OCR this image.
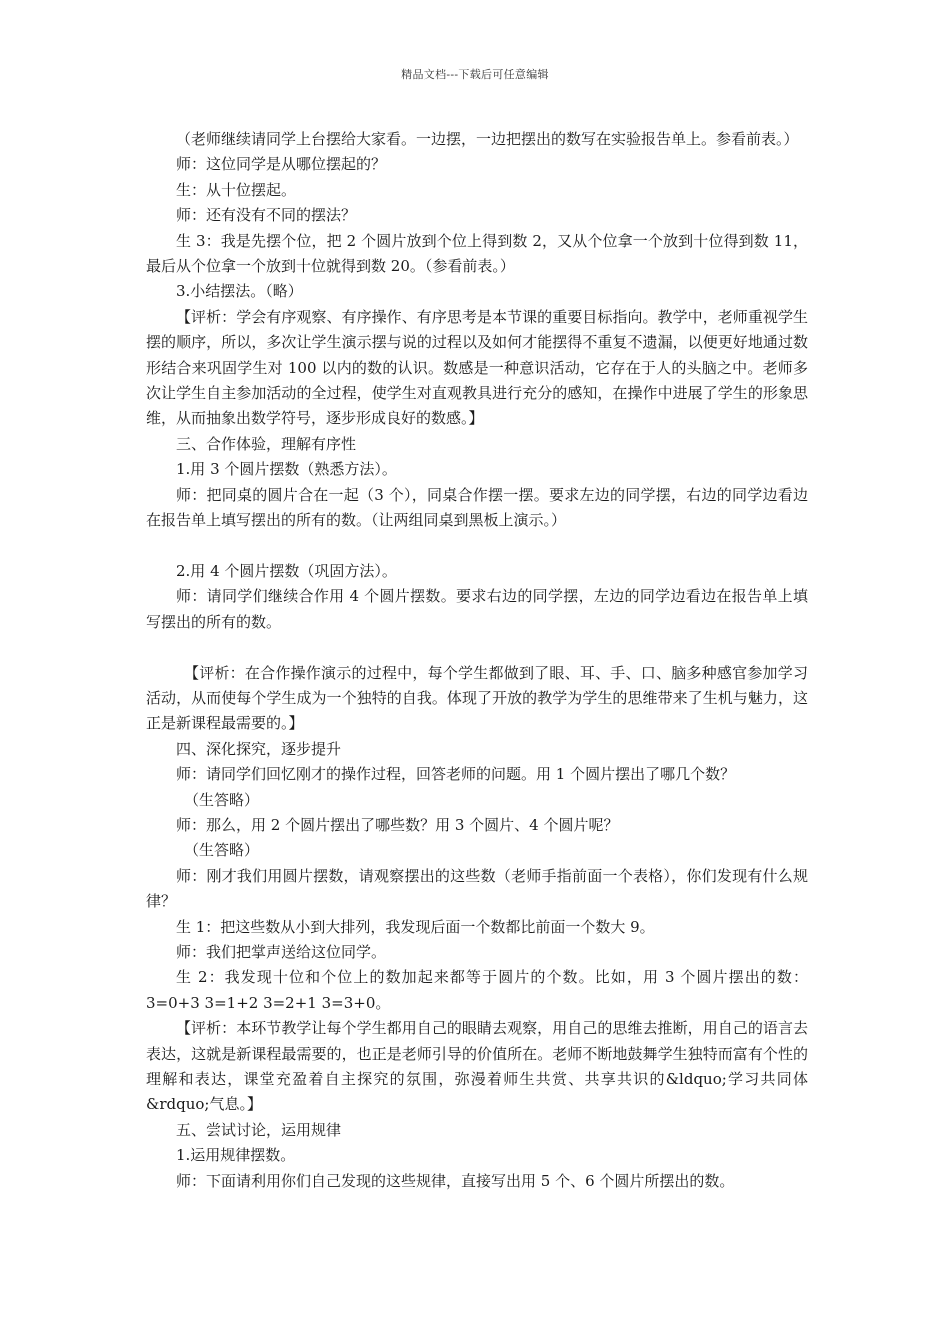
精品文档---下载后可任意编辑

（老师继续请同学上台摆给大家看。一边摆，一边把摆出的数写在实验报告单上。参看前表。）

师：这位同学是从哪位摆起的？

生：从十位摆起。

师：还有没有不同的摆法？

生 3：我是先摆个位，把 2 个圆片放到个位上得到数 2，又从个位拿一个放到十位得到数 11，最后从个位拿一个放到十位就得到数 20。（参看前表。）

3.小结摆法。（略）

【评析：学会有序观察、有序操作、有序思考是本节课的重要目标指向。教学中，老师重视学生摆的顺序，所以，多次让学生演示摆与说的过程以及如何才能摆得不重复不遗漏，以便更好地通过数形结合来巩固学生对 100 以内的数的认识。数感是一种意识活动，它存在于人的头脑之中。老师多次让学生自主参加活动的全过程，使学生对直观教具进行充分的感知，在操作中进展了学生的形象思维，从而抽象出数学符号，逐步形成良好的数感。】

三、合作体验，理解有序性

1.用 3 个圆片摆数（熟悉方法）。

师：把同桌的圆片合在一起（3 个），同桌合作摆一摆。要求左边的同学摆，右边的同学边看边在报告单上填写摆出的所有的数。（让两组同桌到黑板上演示。）

2.用 4 个圆片摆数（巩固方法）。

师：请同学们继续合作用 4 个圆片摆数。要求右边的同学摆，左边的同学边看边在报告单上填写摆出的所有的数。

【评析：在合作操作演示的过程中，每个学生都做到了眼、耳、手、口、脑多种感官参加学习活动，从而使每个学生成为一个独特的自我。体现了开放的教学为学生的思维带来了生机与魅力，这正是新课程最需要的。】

四、深化探究，逐步提升

师：请同学们回忆刚才的操作过程，回答老师的问题。用 1 个圆片摆出了哪几个数？

（生答略）

师：那么，用 2 个圆片摆出了哪些数？用 3 个圆片、4 个圆片呢？

（生答略）

师：刚才我们用圆片摆数，请观察摆出的这些数（老师手指前面一个表格），你们发现有什么规律？

生 1：把这些数从小到大排列，我发现后面一个数都比前面一个数大 9。

师：我们把掌声送给这位同学。

生 2：我发现十位和个位上的数加起来都等于圆片的个数。比如，用 3 个圆片摆出的数：3=0+3 3=1+2 3=2+1 3=3+0。

【评析：本环节教学让每个学生都用自己的眼睛去观察，用自己的思维去推断，用自己的语言去表达，这就是新课程最需要的，也正是老师引导的价值所在。老师不断地鼓舞学生独特而富有个性的理解和表达，课堂充盈着自主探究的氛围，弥漫着师生共赏、共享共识的&ldquo;学习共同体&rdquo;气息。】

五、尝试讨论，运用规律

1.运用规律摆数。

师：下面请利用你们自己发现的这些规律，直接写出用 5 个、6 个圆片所摆出的数。
